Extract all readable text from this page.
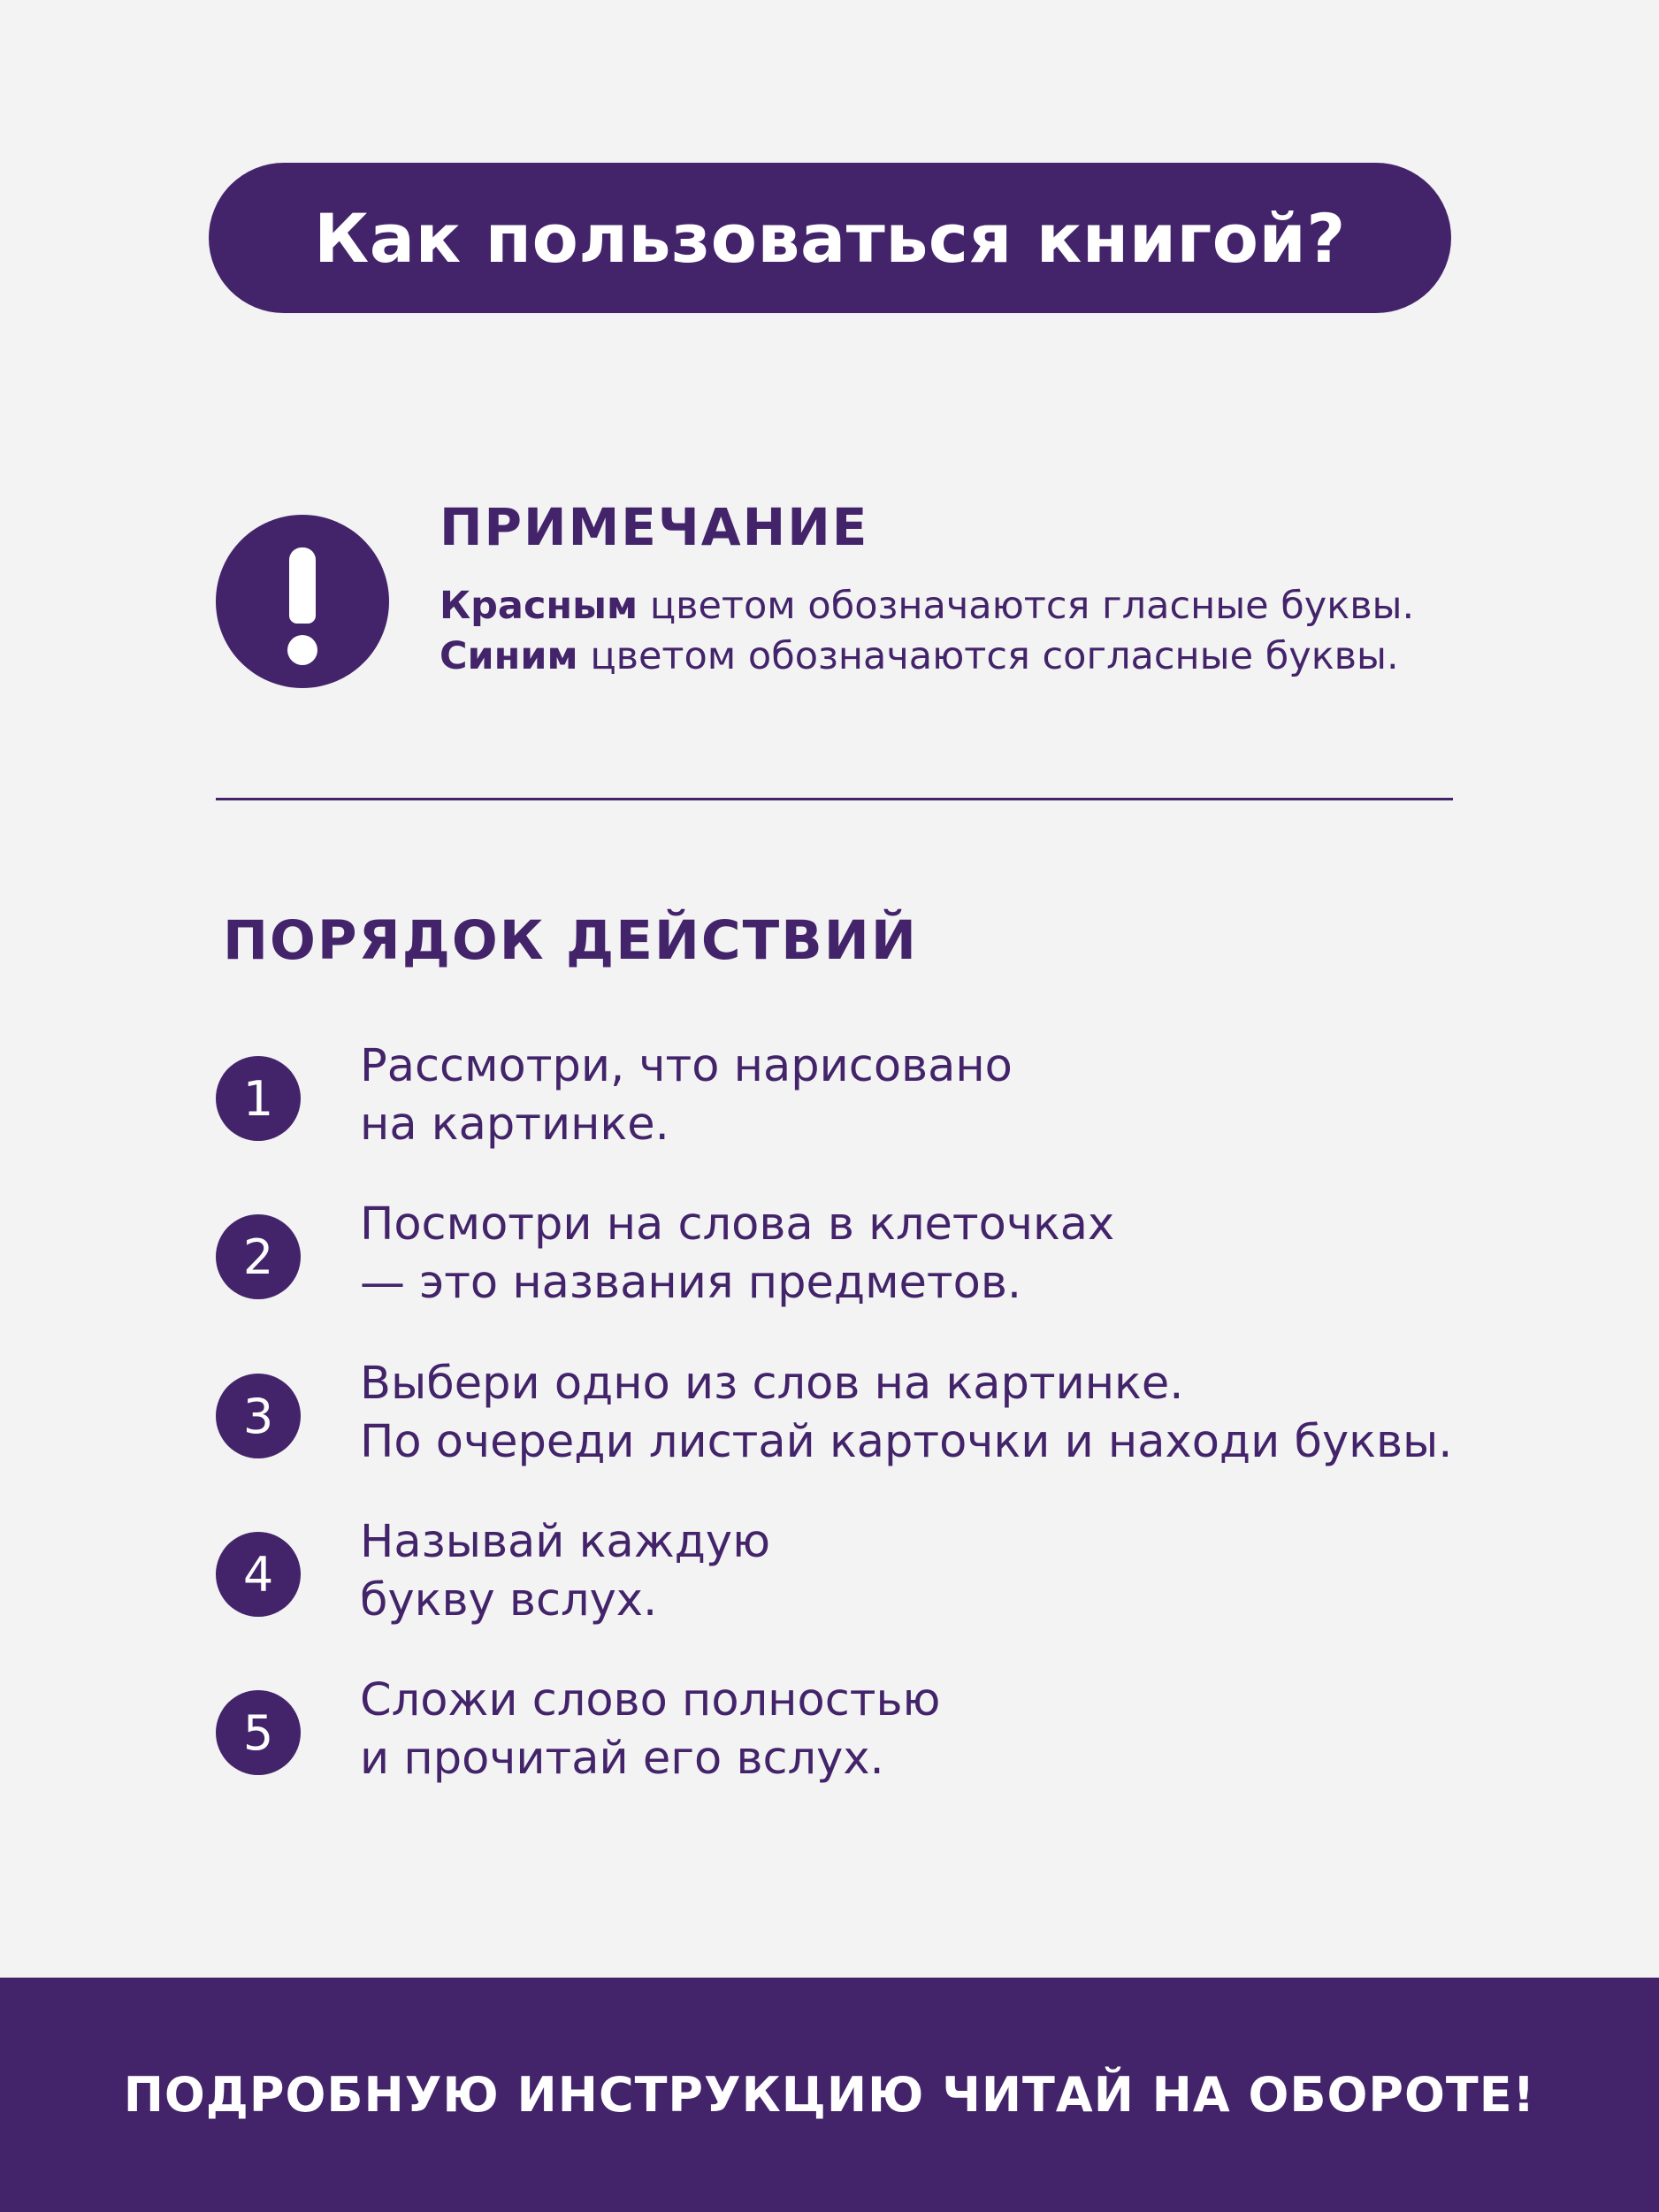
Как пользоваться книгой?
ПРИМЕЧАНИЕ
Красным цветом обозначаются гласные буквы.
Синим цветом обозначаются согласные буквы.
ПОРЯДОК ДЕЙСТВИЙ
1
Рассмотри, что нарисовано
на картинке.
2
Посмотри на слова в клеточках
— это названия предметов.
3
Выбери одно из слов на картинке.
По очереди листай карточки и находи буквы.
4
Называй каждую
букву вслух.
5
Сложи слово полностью
и прочитай его вслух.
ПОДРОБНУЮ ИНСТРУКЦИЮ ЧИТАЙ НА ОБОРОТЕ!
